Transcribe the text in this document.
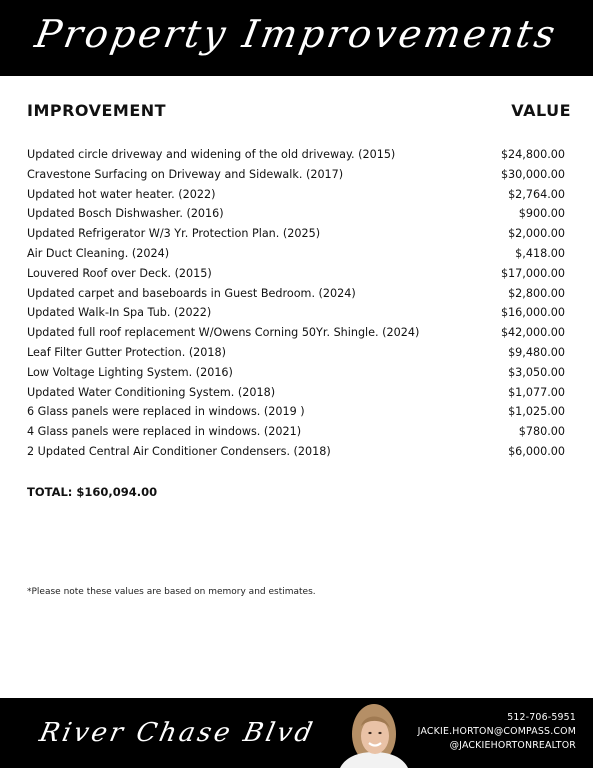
Property Improvements
IMPROVEMENT	VALUE
Updated circle driveway and widening of the old driveway. (2015)	$24,800.00
Cravestone Surfacing on Driveway and Sidewalk. (2017)	$30,000.00
Updated hot water heater. (2022)	$2,764.00
Updated Bosch Dishwasher. (2016)	$900.00
Updated Refrigerator W/3 Yr. Protection Plan. (2025)	$2,000.00
Air Duct Cleaning. (2024)	$,418.00
Louvered Roof over Deck. (2015)	$17,000.00
Updated carpet and baseboards in Guest Bedroom. (2024)	$2,800.00
Updated Walk-In Spa Tub. (2022)	$16,000.00
Updated full roof replacement W/Owens Corning 50Yr. Shingle. (2024)	$42,000.00
Leaf Filter Gutter Protection. (2018)	$9,480.00
Low Voltage Lighting System. (2016)	$3,050.00
Updated Water Conditioning System. (2018)	$1,077.00
6 Glass panels were replaced in windows. (2019 )	$1,025.00
4 Glass panels were replaced in windows. (2021)	$780.00
2 Updated Central Air Conditioner Condensers. (2018)	$6,000.00
TOTAL: $160,094.00
*Please note these values are based on memory and estimates.
River Chase Blvd
512-706-5951
JACKIE.HORTON@COMPASS.COM
@JACKIEHORTONREALTOR
